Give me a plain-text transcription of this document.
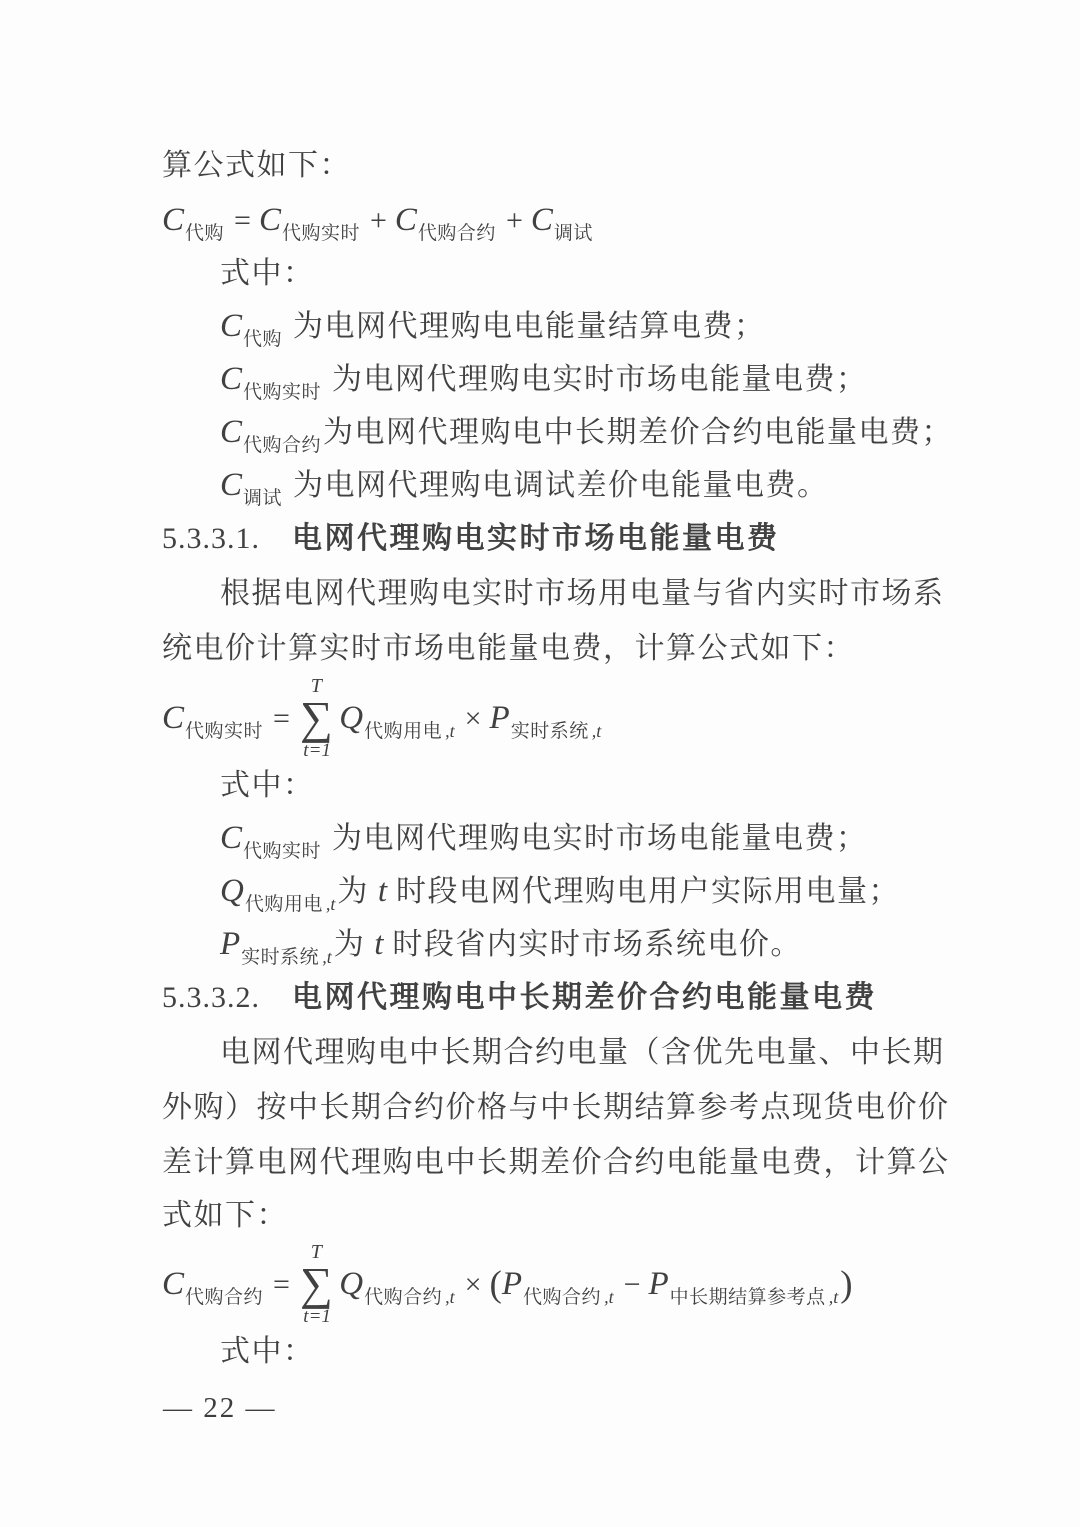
算公式如下：
$C_{代购} = C_{代购实时} + C_{代购合约} + C_{调试}$
式中：
$C_{代购}$ 为电网代理购电电能量结算电费；
$C_{代购实时}$ 为电网代理购电实时市场电能量电费；
$C_{代购合约}$为电网代理购电中长期差价合约电能量电费；
$C_{调试}$ 为电网代理购电调试差价电能量电费。
5.3.3.1. 电网代理购电实时市场电能量电费
根据电网代理购电实时市场用电量与省内实时市场系
统电价计算实时市场电能量电费，计算公式如下：
$C_{代购实时}$ =
T
∑
t=1
$Q_{代购用电}$ $_{,t} \times P_{实时系统}$ $_{,t}$
式中：
$C_{代购实时}$ 为电网代理购电实时市场电能量电费；
$Q_{代购用电}$ $_{,t}$为 t 时段电网代理购电用户实际用电量；
$P_{实时系统}$ $_{,t}$为 t 时段省内实时市场系统电价。
5.3.3.2. 电网代理购电中长期差价合约电能量电费
电网代理购电中长期合约电量（含优先电量、中长期
外购）按中长期合约价格与中长期结算参考点现货电价价
差计算电网代理购电中长期差价合约电能量电费，计算公
式如下：
$C_{代购合约}$ =
T
∑
t=1
$Q_{代购合约}$ $_{,t} \times (P_{代购合约}$ $_{,t} - P_{中长期结算参考点}$ $_{,t}$)
式中：
— 22 —
